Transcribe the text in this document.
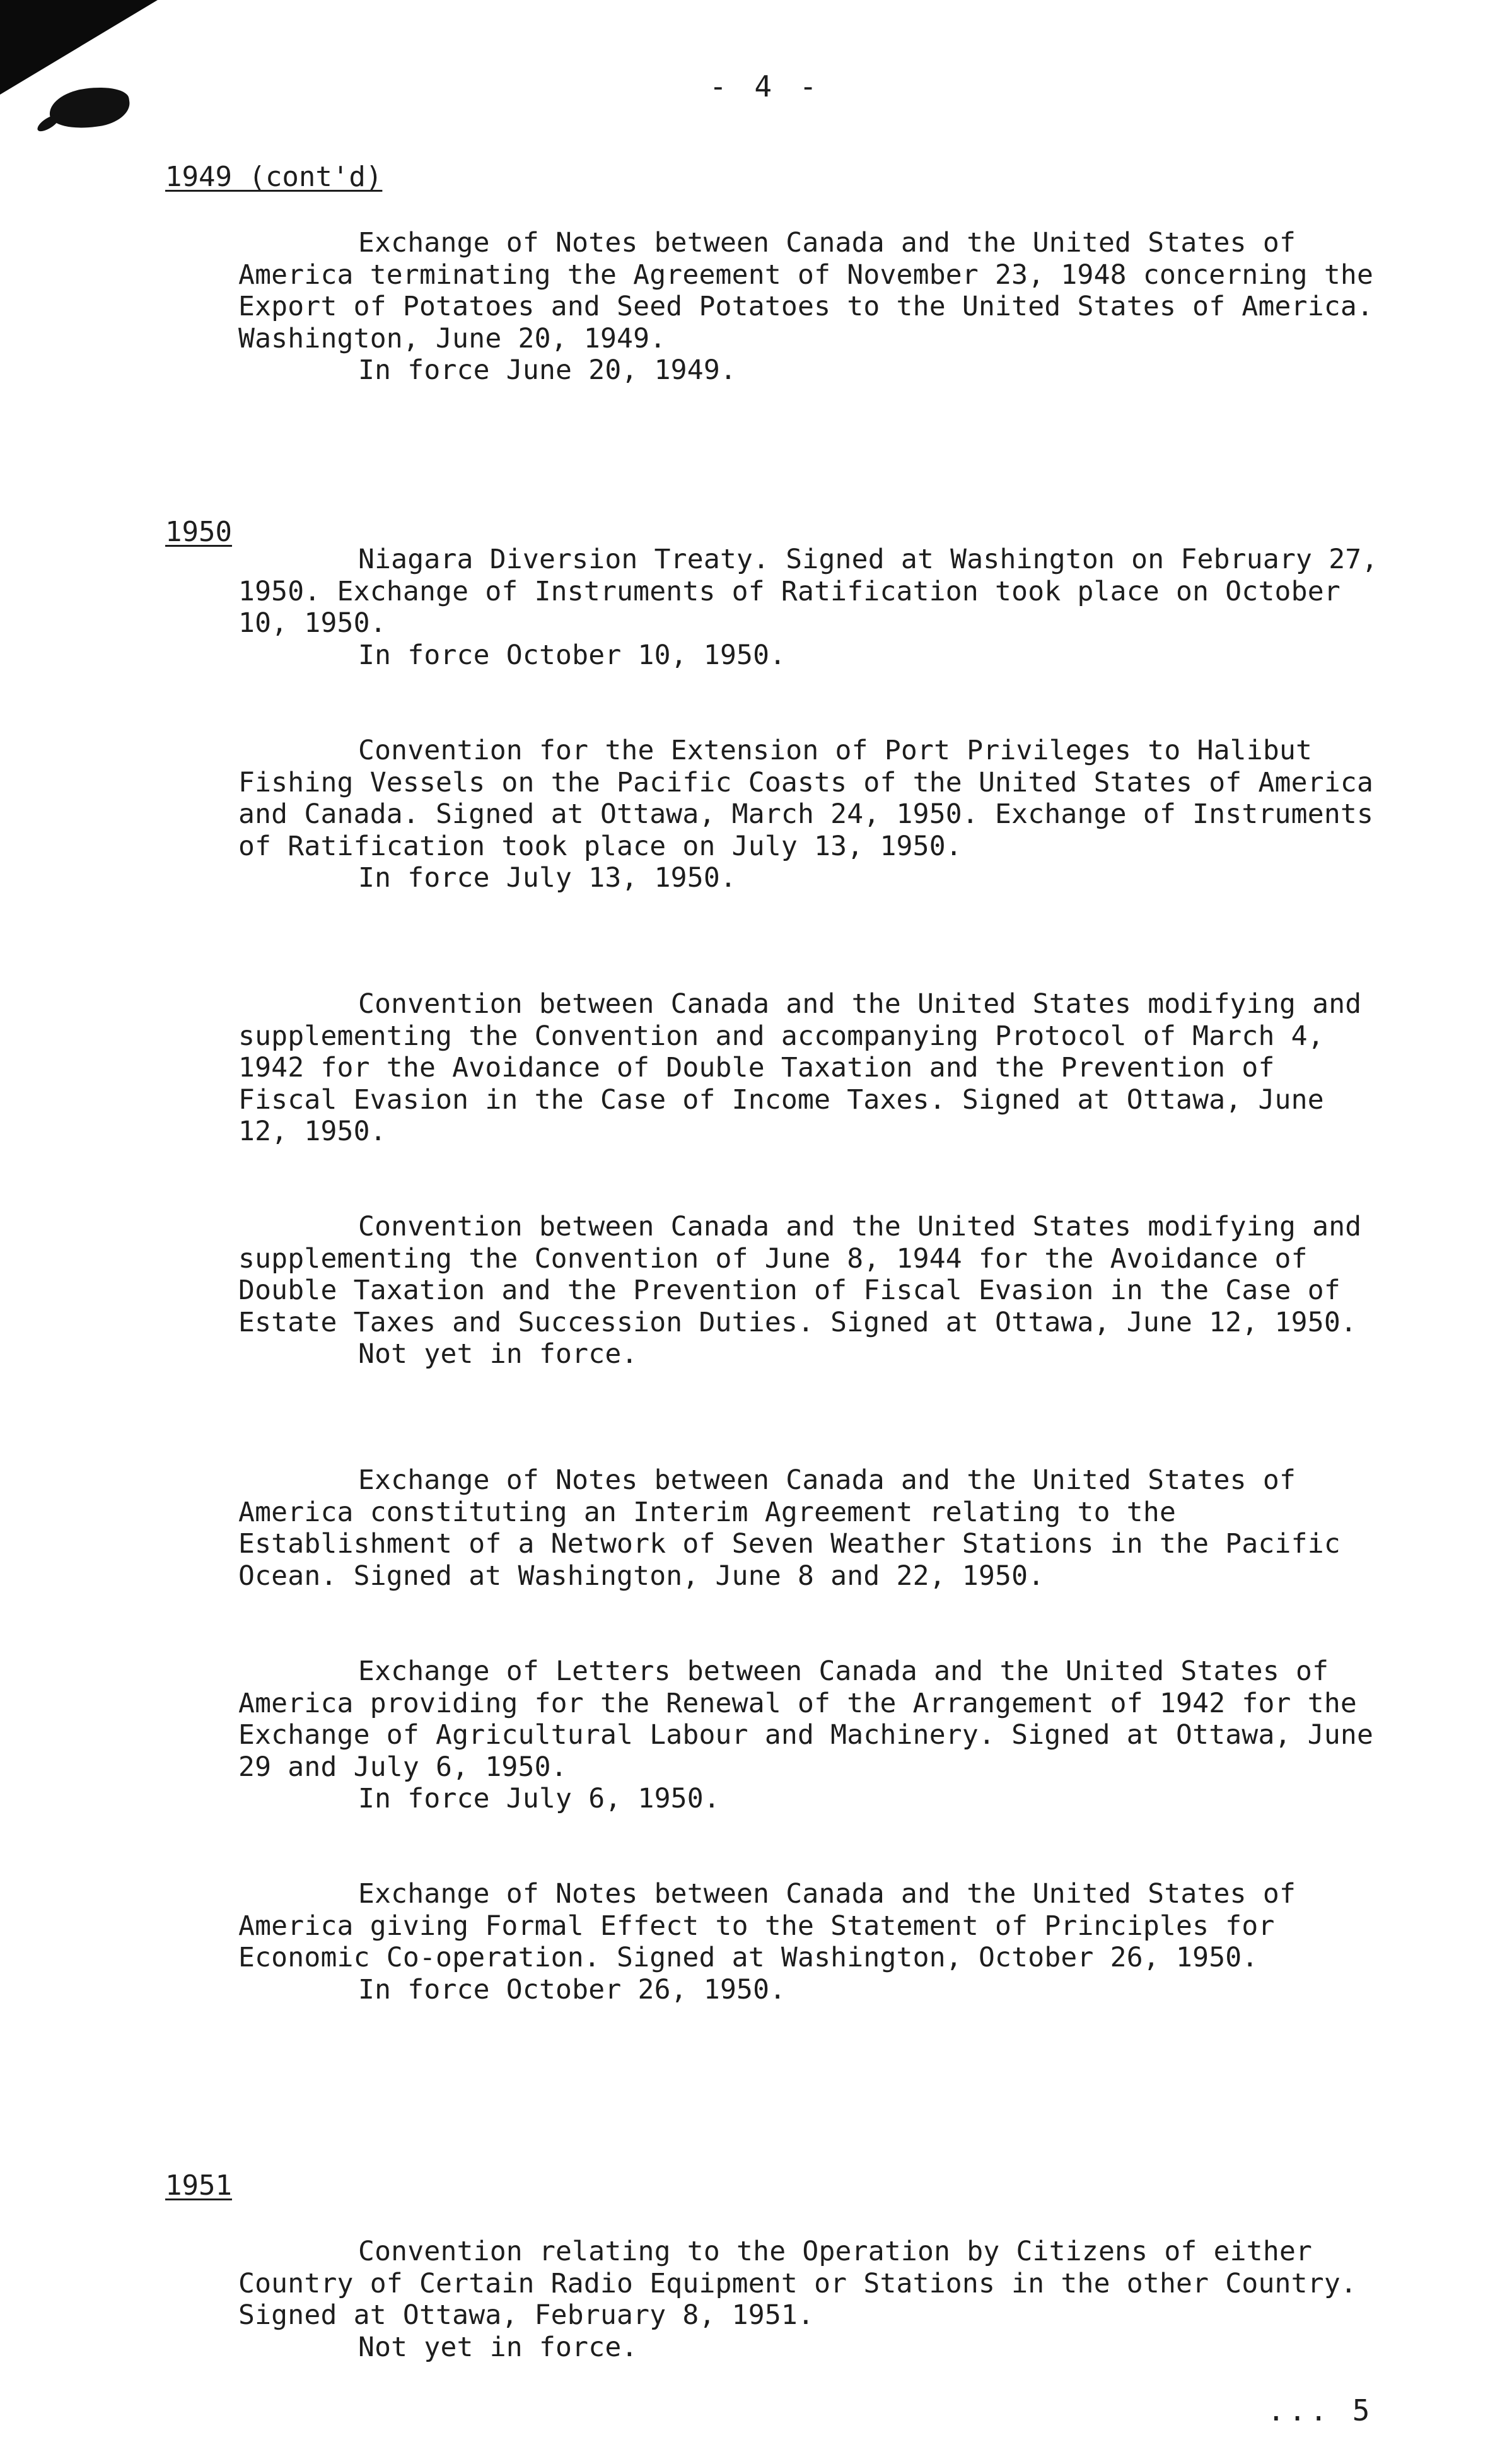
- 4 -
1949 (cont'd)

Exchange of Notes between Canada and the United States of America terminating the Agreement of November 23, 1948 concerning the Export of Potatoes and Seed Potatoes to the United States of America. Washington, June 20, 1949.

In force June 20, 1949.

1950

Niagara Diversion Treaty. Signed at Washington on February 27, 1950. Exchange of Instruments of Ratification took place on October 10, 1950.

In force October 10, 1950.

Convention for the Extension of Port Privileges to Halibut Fishing Vessels on the Pacific Coasts of the United States of America and Canada. Signed at Ottawa, March 24, 1950. Exchange of Instruments of Ratification took place on July 13, 1950.

In force July 13, 1950.

Convention between Canada and the United States modifying and supplementing the Convention and accompanying Protocol of March 4, 1942 for the Avoidance of Double Taxation and the Prevention of Fiscal Evasion in the Case of Income Taxes. Signed at Ottawa, June 12, 1950.

Convention between Canada and the United States modifying and supplementing the Convention of June 8, 1944 for the Avoidance of Double Taxation and the Prevention of Fiscal Evasion in the Case of Estate Taxes and Succession Duties. Signed at Ottawa, June 12, 1950.

Not yet in force.

Exchange of Notes between Canada and the United States of America constituting an Interim Agreement relating to the Establishment of a Network of Seven Weather Stations in the Pacific Ocean. Signed at Washington, June 8 and 22, 1950.

Exchange of Letters between Canada and the United States of America providing for the Renewal of the Arrangement of 1942 for the Exchange of Agricultural Labour and Machinery. Signed at Ottawa, June 29 and July 6, 1950.

In force July 6, 1950.

Exchange of Notes between Canada and the United States of America giving Formal Effect to the Statement of Principles for Economic Co-operation. Signed at Washington, October 26, 1950.

In force October 26, 1950.

1951

Convention relating to the Operation by Citizens of either Country of Certain Radio Equipment or Stations in the other Country. Signed at Ottawa, February 8, 1951.

Not yet in force.

... 5
